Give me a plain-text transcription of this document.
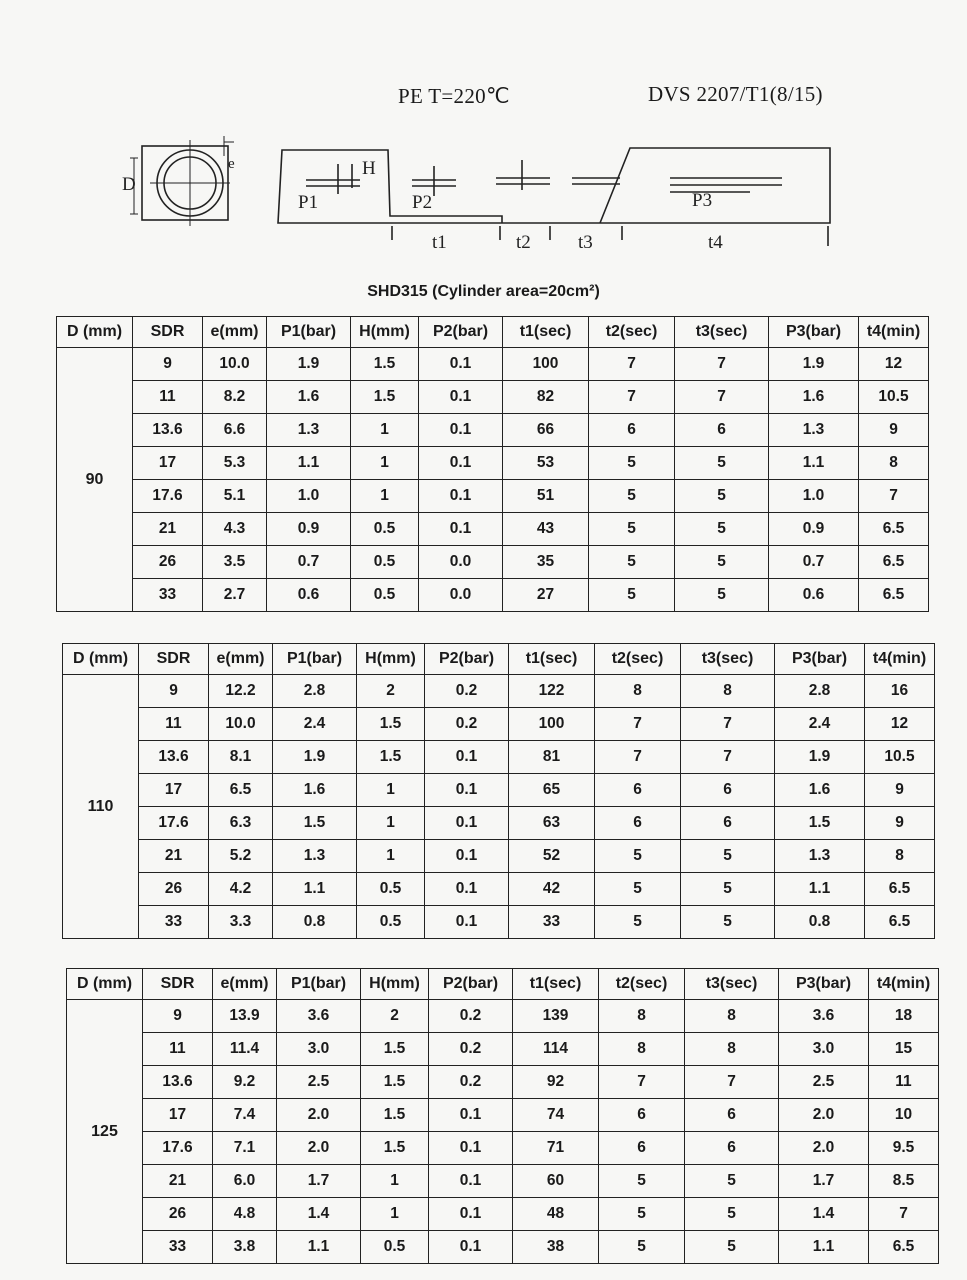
PE T=220℃	DVS 2207/T1(8/15)
D
e	H
P1	P2	P3
t1	t2 t3	t4
SHD315 (Cylinder area=20cm²)
D (mm)	SDR	e(mm)	P1(bar)	H(mm)	P2(bar)	t1(sec)	t2(sec)	t3(sec)	P3(bar)	t4(min)
90	9	10.0	1.9	1.5	0.1	100	7	7	1.9	12
	11	8.2	1.6	1.5	0.1	82	7	7	1.6	10.5
	13.6	6.6	1.3	1	0.1	66	6	6	1.3	9
	17	5.3	1.1	1	0.1	53	5	5	1.1	8
	17.6	5.1	1.0	1	0.1	51	5	5	1.0	7
	21	4.3	0.9	0.5	0.1	43	5	5	0.9	6.5
	26	3.5	0.7	0.5	0.0	35	5	5	0.7	6.5
	33	2.7	0.6	0.5	0.0	27	5	5	0.6	6.5
D (mm)	SDR	e(mm)	P1(bar)	H(mm)	P2(bar)	t1(sec)	t2(sec)	t3(sec)	P3(bar)	t4(min)
110	9	12.2	2.8	2	0.2	122	8	8	2.8	16
	11	10.0	2.4	1.5	0.2	100	7	7	2.4	12
	13.6	8.1	1.9	1.5	0.1	81	7	7	1.9	10.5
	17	6.5	1.6	1	0.1	65	6	6	1.6	9
	17.6	6.3	1.5	1	0.1	63	6	6	1.5	9
	21	5.2	1.3	1	0.1	52	5	5	1.3	8
	26	4.2	1.1	0.5	0.1	42	5	5	1.1	6.5
	33	3.3	0.8	0.5	0.1	33	5	5	0.8	6.5
D (mm)	SDR	e(mm)	P1(bar)	H(mm)	P2(bar)	t1(sec)	t2(sec)	t3(sec)	P3(bar)	t4(min)
125	9	13.9	3.6	2	0.2	139	8	8	3.6	18
	11	11.4	3.0	1.5	0.2	114	8	8	3.0	15
	13.6	9.2	2.5	1.5	0.2	92	7	7	2.5	11
	17	7.4	2.0	1.5	0.1	74	6	6	2.0	10
	17.6	7.1	2.0	1.5	0.1	71	6	6	2.0	9.5
	21	6.0	1.7	1	0.1	60	5	5	1.7	8.5
	26	4.8	1.4	1	0.1	48	5	5	1.4	7
	33	3.8	1.1	0.5	0.1	38	5	5	1.1	6.5
